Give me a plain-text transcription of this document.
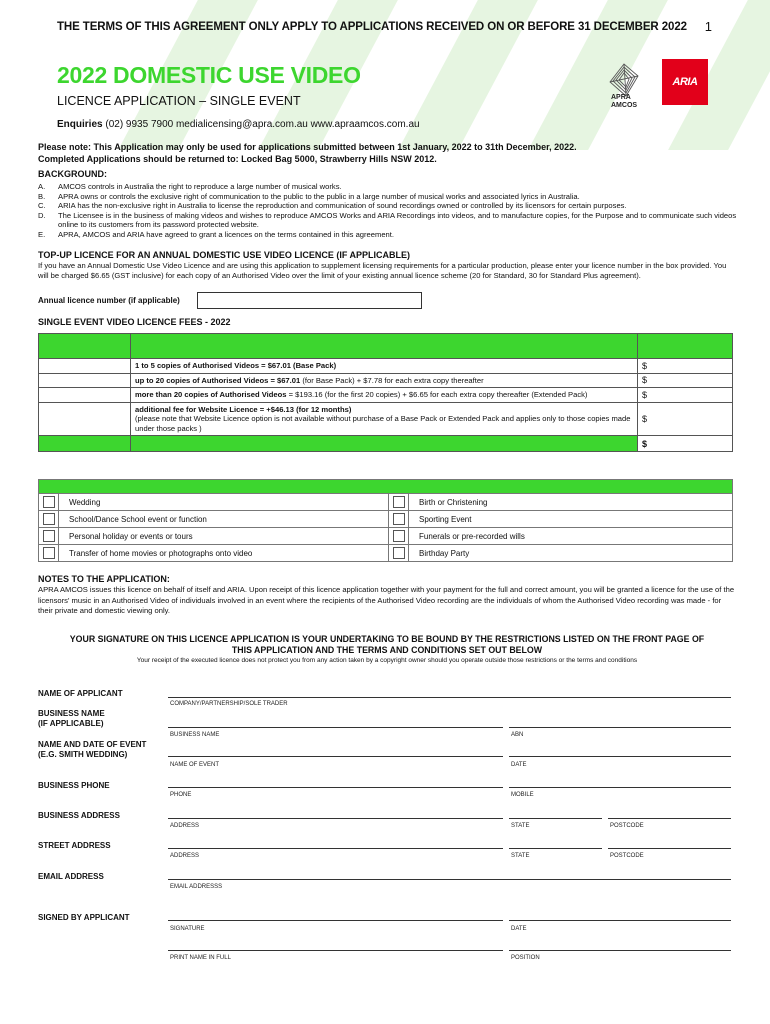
THE TERMS OF THIS AGREEMENT ONLY APPLY TO APPLICATIONS RECEIVED ON OR BEFORE 31 DECEMBER 2022 1
2022 DOMESTIC USE VIDEO
LICENCE APPLICATION – SINGLE EVENT
Enquiries (02) 9935 7900 medialicensing@apra.com.au www.apraamcos.com.au
APRA
AMCOS
ARIA
Please note: This Application may only be used for applications submitted between 1st January, 2022 to 31th December, 2022.
Completed Applications should be returned to: Locked Bag 5000, Strawberry Hills NSW 2012.
BACKGROUND:
A.	AMCOS controls in Australia the right to reproduce a large number of musical works.
B.	APRA owns or controls the exclusive right of communication to the public to the public in a large number of musical works and associated lyrics in Australia.
C.	ARIA has the non-exclusive right in Australia to license the reproduction and communication of sound recordings owned or controlled by its licensors for certain purposes.
D.	The Licensee is in the business of making videos and wishes to reproduce AMCOS Works and ARIA Recordings into videos, and to manufacture copies, for the Purpose and to communicate such videos online to its customers from its password protected website.
E.	APRA, AMCOS and ARIA have agreed to grant a licences on the terms contained in this agreement.
TOP-UP LICENCE FOR AN ANNUAL DOMESTIC USE VIDEO LICENCE (IF APPLICABLE)
If you have an Annual Domestic Use Video Licence and are using this application to supplement licensing requirements for a particular production, please enter your licence number in the box provided. You will be charged $6.65 (GST inclusive) for each copy of an Authorised Video over the limit of your existing annual licence scheme (20 for Standard, 30 for Standard Plus agreement).
Annual licence number (if applicable)
SINGLE EVENT VIDEO LICENCE FEES - 2022

	1 to 5 copies of Authorised Videos = $67.01 (Base Pack)	$
	up to 20 copies of Authorised Videos = $67.01 (for Base Pack) + $7.78 for each extra copy thereafter	$
	more than 20 copies of Authorised Videos = $193.16 (for the first 20 copies) + $6.65 for each extra copy thereafter (Extended Pack)	$
	additional fee for Website Licence = +$46.13 (for 12 months)
(please note that Website Licence option is not available without purchase of a Base Pack or Extended Pack and applies only to those copies made under those packs )	$
		$

	Wedding		Birth or Christening
	School/Dance School event or function		Sporting Event
	Personal holiday or events or tours		Funerals or pre-recorded wills
	Transfer of home movies or photographs onto video		Birthday Party
NOTES TO THE APPLICATION:
APRA AMCOS issues this licence on behalf of itself and ARIA. Upon receipt of this licence application together with your payment for the full and correct amount, you will be granted a licence for the use of the licensors' music in an Authorised Video of individuals involved in an event where the recipients of the Authorised Video recording are the individuals of whom the Authorised Video recording was made - for their private and domestic viewing only.
YOUR SIGNATURE ON THIS LICENCE APPLICATION IS YOUR UNDERTAKING TO BE BOUND BY THE RESTRICTIONS LISTED ON THE FRONT PAGE OF
THIS APPLICATION AND THE TERMS AND CONDITIONS SET OUT BELOW
Your receipt of the executed licence does not protect you from any action taken by a copyright owner should you operate outside those restrictions or the terms and conditions
NAME OF APPLICANT
COMPANY/PARTNERSHIP/SOLE TRADER
BUSINESS NAME
(IF APPLICABLE)
BUSINESS NAME	ABN
NAME AND DATE OF EVENT
(E.G. SMITH WEDDING)
NAME OF EVENT	DATE
BUSINESS PHONE
PHONE	MOBILE
BUSINESS ADDRESS
ADDRESS	STATE	POSTCODE
STREET ADDRESS
ADDRESS	STATE	POSTCODE
EMAIL ADDRESS
EMAIL ADDRESSS
SIGNED BY APPLICANT
SIGNATURE	DATE
PRINT NAME IN FULL	POSITION
